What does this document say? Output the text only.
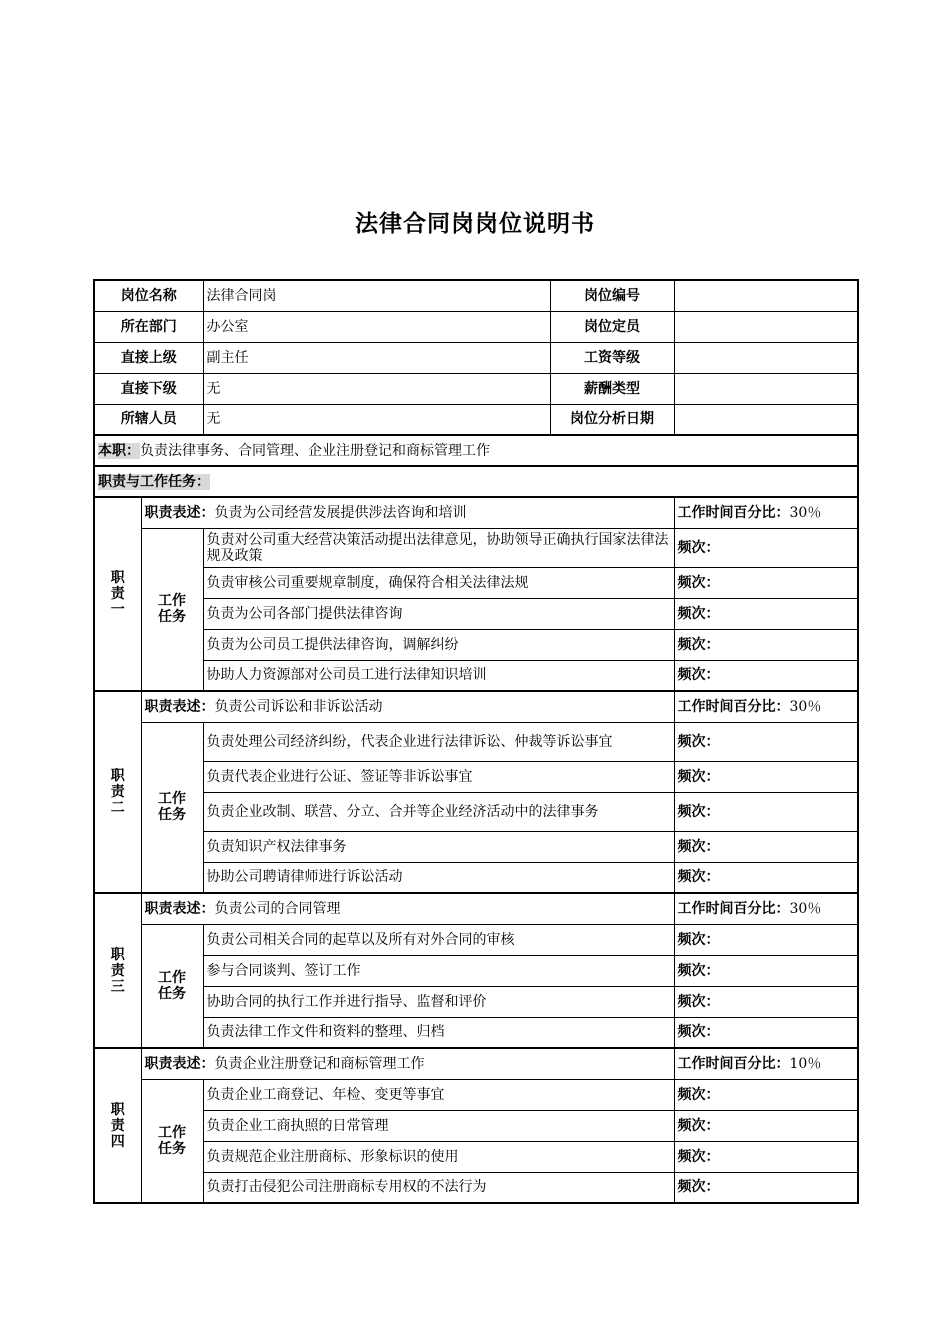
法律合同岗岗位说明书
岗位名称		法律合同岗	岗位编号	
所在部门		办公室	岗位定员	
直接上级		副主任	工资等级	
直接下级		无	薪酬类型	
所辖人员		无	岗位分析日期	
本职：负责法律事务、合同管理、企业注册登记和商标管理工作				
职责与工作任务：				

职
责
一	职责表述：负责为公司经营发展提供涉法咨询和培训			工作时间百分比：30％

	工作
任务	负责对公司重大经营决策活动提出法律意见，协助领导正确执行国家法律法规及政策		频次：
		负责审核公司重要规章制度，确保符合相关法律法规		频次：
		负责为公司各部门提供法律咨询		频次：
		负责为公司员工提供法律咨询，调解纠纷		频次：
		协助人力资源部对公司员工进行法律知识培训		频次：

职
责
二	职责表述：负责公司诉讼和非诉讼活动			工作时间百分比：30％

	工作
任务	负责处理公司经济纠纷，代表企业进行法律诉讼、仲裁等诉讼事宜		频次：
		负责代表企业进行公证、签证等非诉讼事宜		频次：
		负责企业改制、联营、分立、合并等企业经济活动中的法律事务		频次：
		负责知识产权法律事务		频次：
		协助公司聘请律师进行诉讼活动		频次：

职
责
三	职责表述：负责公司的合同管理			工作时间百分比：30％

	工作
任务	负责公司相关合同的起草以及所有对外合同的审核		频次：
		参与合同谈判、签订工作		频次：
		协助合同的执行工作并进行指导、监督和评价		频次：
		负责法律工作文件和资料的整理、归档		频次：

职
责
四	职责表述：负责企业注册登记和商标管理工作			工作时间百分比：10％

	工作
任务	负责企业工商登记、年检、变更等事宜		频次：
		负责企业工商执照的日常管理		频次：
		负责规范企业注册商标、形象标识的使用		频次：
		负责打击侵犯公司注册商标专用权的不法行为		频次：
